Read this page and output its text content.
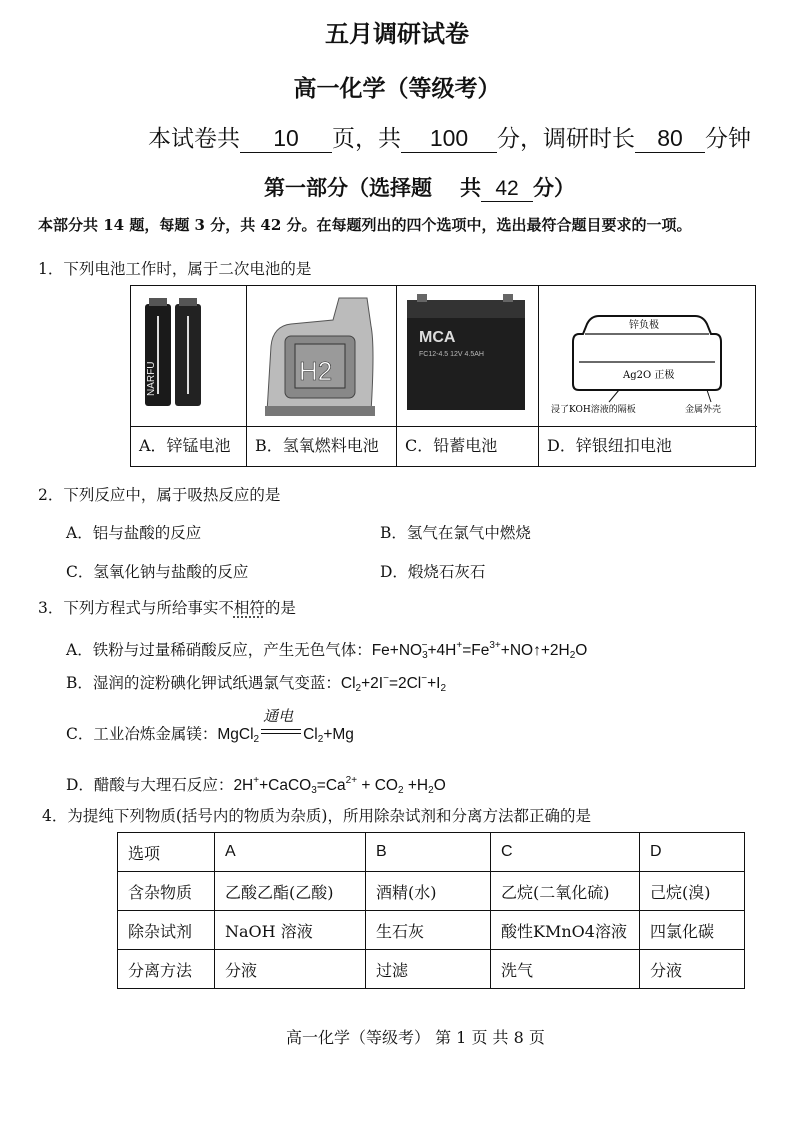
五月调研试卷
高一化学（等级考）
本试卷共	10	页，共	100	分，调研时长 80 分钟
第一部分（选择题 共 42 分）
本部分共 14 题，每题 3 分，共 42 分。在每题列出的四个选项中，选出最符合题目要求的一项。
1．下列电池工作时，属于二次电池的是
NARFU
A．锌锰电池
H2
B．氢氧燃料电池
MCA
FC12-4.5 12V 4.5AH
C．铅蓄电池
锌负极
Ag2O 正极
浸了KOH溶液的隔板	金属外壳
D．锌银纽扣电池
2．下列反应中，属于吸热反应的是
A．铝与盐酸的反应	B．氢气在氯气中燃烧
C．氢氧化钠与盐酸的反应	D．煅烧石灰石
3．下列方程式与所给事实不相符的是
A．铁粉与过量稀硝酸反应，产生无色气体：$Fe+NO_3^-+4H^+=Fe^{3+}+NO↑+2H_2O$
B．湿润的淀粉碘化钾试纸遇氯气变蓝：$Cl_2+2I^-=2Cl^-+I_2$
C．工业冶炼金属镁：MgCl$_2$
通电
$Cl_2+Mg$
D．醋酸与大理石反应：$2H^++CaCO_3=Ca^{2+} + CO_2 +H_2O$
4．为提纯下列物质(括号内的物质为杂质)，所用除杂试剂和分离方法都正确的是
选项	A	B	C	D
含杂物质	乙酸乙酯(乙酸)	酒精(水)	乙烷(二氧化硫)	己烷(溴)
除杂试剂	NaOH 溶液	生石灰	酸性KMnO4溶液	四氯化碳
分离方法	分液	过滤	洗气	分液
高一化学（等级考） 第 1 页 共 8 页
